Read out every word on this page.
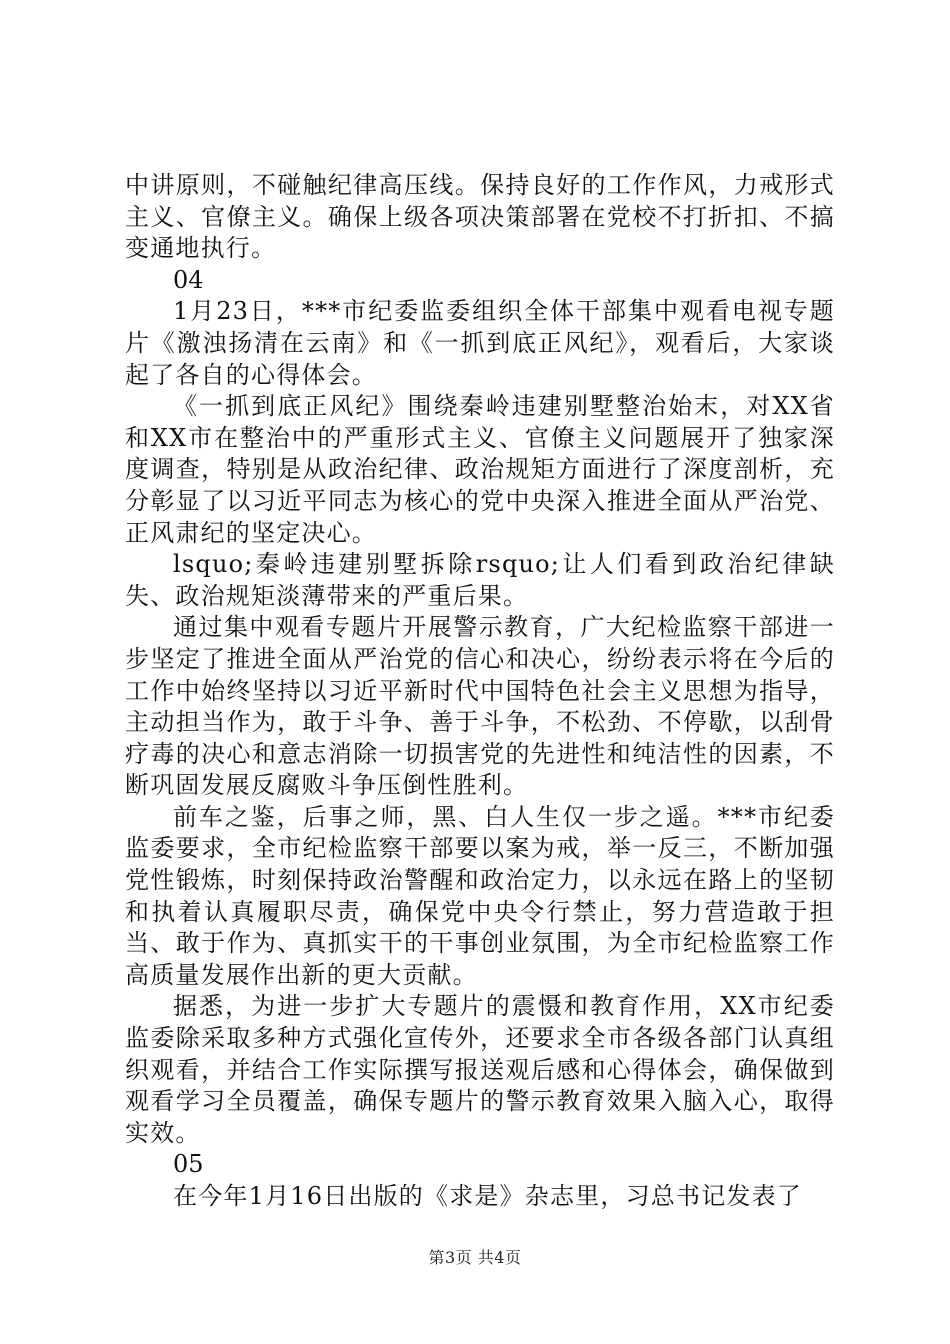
中讲原则，不碰触纪律高压线。保持良好的工作作风，力戒形式主义、官僚主义。确保上级各项决策部署在党校不打折扣、不搞变通地执行。

04

1月23日，***市纪委监委组织全体干部集中观看电视专题片《激浊扬清在云南》和《一抓到底正风纪》，观看后，大家谈起了各自的心得体会。

《一抓到底正风纪》围绕秦岭违建别墅整治始末，对XX省和XX市在整治中的严重形式主义、官僚主义问题展开了独家深度调查，特别是从政治纪律、政治规矩方面进行了深度剖析，充分彰显了以习近平同志为核心的党中央深入推进全面从严治党、正风肃纪的坚定决心。

lsquo;秦岭违建别墅拆除rsquo;让人们看到政治纪律缺失、政治规矩淡薄带来的严重后果。

通过集中观看专题片开展警示教育，广大纪检监察干部进一步坚定了推进全面从严治党的信心和决心，纷纷表示将在今后的工作中始终坚持以习近平新时代中国特色社会主义思想为指导，主动担当作为，敢于斗争、善于斗争，不松劲、不停歇，以刮骨疗毒的决心和意志消除一切损害党的先进性和纯洁性的因素，不断巩固发展反腐败斗争压倒性胜利。

前车之鉴，后事之师，黑、白人生仅一步之遥。***市纪委监委要求，全市纪检监察干部要以案为戒，举一反三，不断加强党性锻炼，时刻保持政治警醒和政治定力，以永远在路上的坚韧和执着认真履职尽责，确保党中央令行禁止，努力营造敢于担当、敢于作为、真抓实干的干事创业氛围，为全市纪检监察工作高质量发展作出新的更大贡献。

据悉，为进一步扩大专题片的震慑和教育作用，XX市纪委监委除采取多种方式强化宣传外，还要求全市各级各部门认真组织观看，并结合工作实际撰写报送观后感和心得体会，确保做到观看学习全员覆盖，确保专题片的警示教育效果入脑入心，取得实效。

05

在今年1月16日出版的《求是》杂志里，习总书记发表了

第3页 共4页
